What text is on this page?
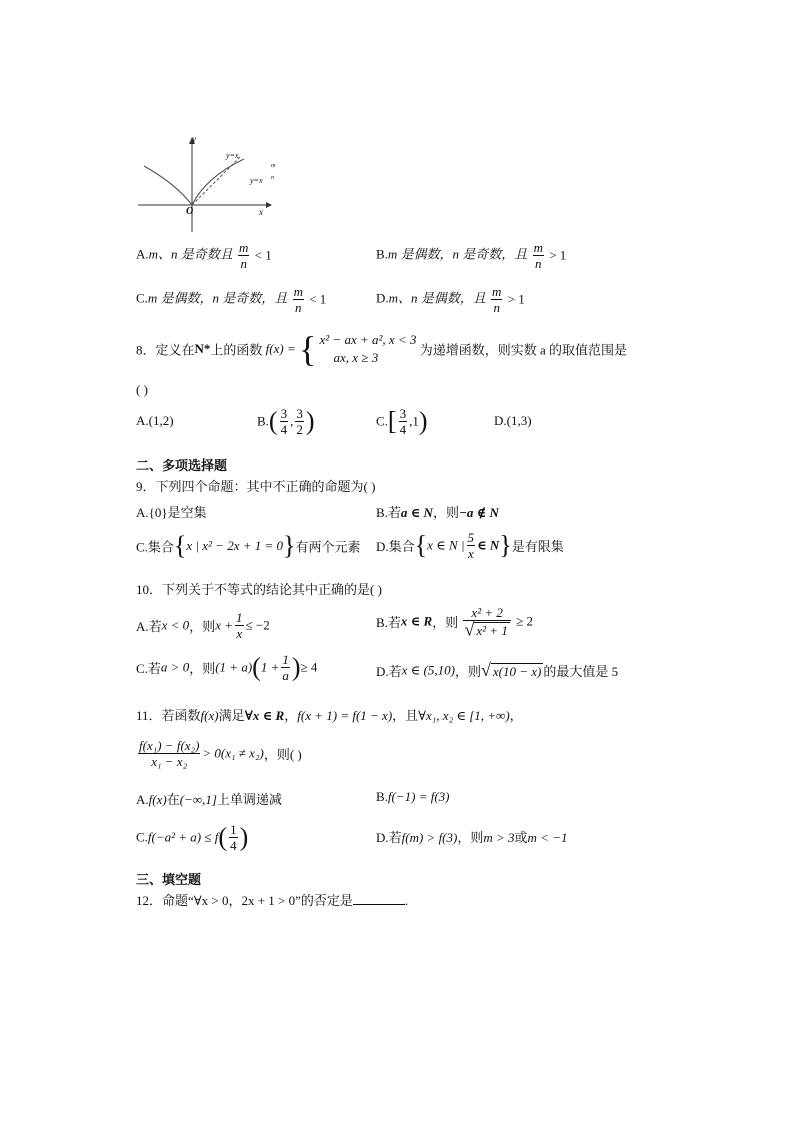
y
x
O
y=x
y=x
m
n
A.m、n 是奇数且 $\frac{m}{n} < 1$	B.m 是偶数，n 是奇数，且 $\frac{m}{n} > 1$
C.m 是偶数，n 是奇数，且 $\frac{m}{n} < 1$	D.m、n 是偶数，且 $\frac{m}{n} > 1$
8．定义在N*上的函数 f(x) = { x² − ax + a², x < 3
ax, x ≥ 3	为递增函数，则实数 a 的取值范围是
( )
A.(1,2)	$B.( \frac{3}{4}$ , $\frac{3}{2}$ )	$C.[ \frac{3}{4} ,1)$	D.(1,3)
二、多项选择题
9．下列四个命题：其中不正确的命题为( )
A.{0}是空集	B.若a ∈ N，则−a ∉ N
C.集合{x | x² − 2x + 1 = 0}有两个元素 D.集合{x ∈ N | $\frac{5}{x}$ ∈ N}是有限集
10．下列关于不等式的结论其中正确的是( )
A.若x < 0，则$x + \frac{1}{x} \le -2$	B.若x ∈ R，则 $\frac{\text{x² + 2}}{\text{√ x² + 1}} \ge 2$
C.若a > 0，则$(1 + a)(1 + \frac{1}{a}$ )≥ 4	D.若x ∈ (5,10)，则√ x(10 − x) 的最大值是 5
11．若函数f(x)满足∀x ∈ R，f(x + 1) = f(1 − x)，且∀x₁, x₂ ∈ [1, +∞)，
$\frac{\text{f(x₁) − f(x₂)}}{\text{x₁ − x₂}} > 0(x_1 \ne x_2)$，则( )
A.f(x)在(−∞,1]上单调递减	B.f(−1) = f(3)
$C.f(-a^2 + a) \le f( \frac{1}{4}$ )	D.若f(m) > f(3)，则m > 3或m < −1
三、填空题
12．命题“∀x > 0，2x + 1 > 0”的否定是	.
